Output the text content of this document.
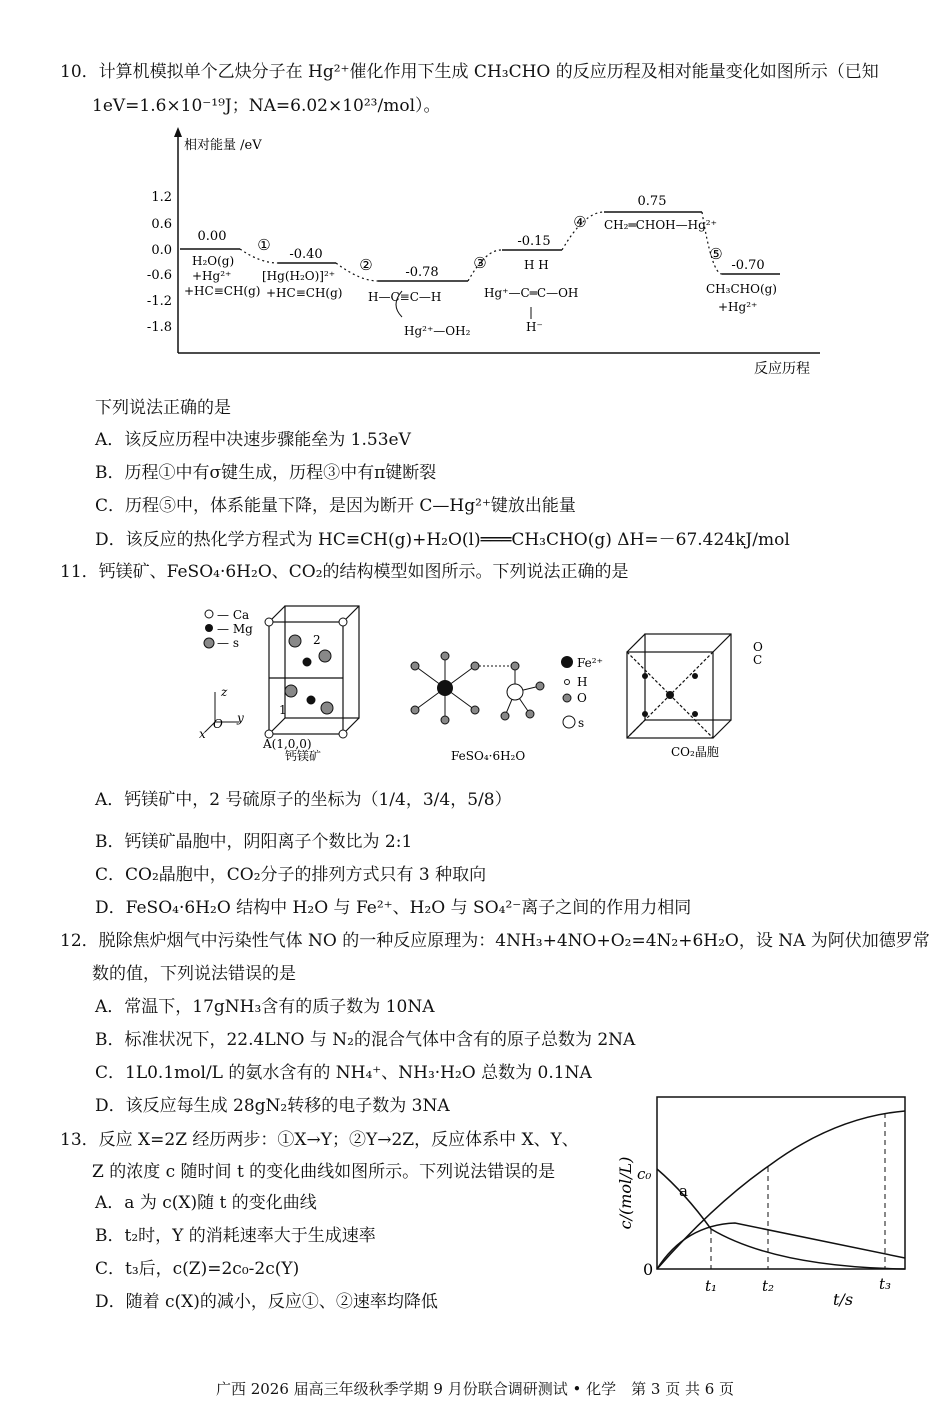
10．计算机模拟单个乙炔分子在 Hg²⁺催化作用下生成 CH₃CHO 的反应历程及相对能量变化如图所示（已知
1eV=1.6×10⁻¹⁹J；NA=6.02×10²³/mol）。
相对能量 /eV
反应历程
1.2
0.6
0.0
-0.6
-1.2
-1.8
0.00
-0.40
-0.78
-0.15
0.75
-0.70
①
②	③
④
⑤
H₂O(g)
+Hg²⁺
+HC≡CH(g)
[Hg(H₂O)]²⁺
+HC≡CH(g) H—C≡C—H
Hg²⁺—OH₂
H H
Hg⁺—C═C—OH
H⁻
CH₂═CHOH—Hg²⁺
CH₃CHO(g)
+Hg²⁺
下列说法正确的是
A．该反应历程中决速步骤能垒为 1.53eV
B．历程①中有σ键生成，历程③中有π键断裂
C．历程⑤中，体系能量下降，是因为断开 C—Hg²⁺键放出能量
D．该反应的热化学方程式为 HC≡CH(g)+H₂O(l)═══CH₃CHO(g) ΔH=－67.424kJ/mol
11．钙镁矿、FeSO₄·6H₂O、CO₂的结构模型如图所示。下列说法正确的是
— Ca
— Mg
— s
z
O y
x
1
2
A(1,0,0)
钙镁矿	FeSO₄·6H₂O
Fe²⁺
H
O
s
O
C
CO₂晶胞
A．钙镁矿中，2 号硫原子的坐标为（1/4，3/4，5/8）
B．钙镁矿晶胞中，阴阳离子个数比为 2:1
C．CO₂晶胞中，CO₂分子的排列方式只有 3 种取向
D．FeSO₄·6H₂O 结构中 H₂O 与 Fe²⁺、H₂O 与 SO₄²⁻离子之间的作用力相同
12．脱除焦炉烟气中污染性气体 NO 的一种反应原理为：4NH₃+4NO+O₂=4N₂+6H₂O，设 NA 为阿伏加德罗常
数的值，下列说法错误的是
A．常温下，17gNH₃含有的质子数为 10NA
B．标准状况下，22.4LNO 与 N₂的混合气体中含有的原子总数为 2NA
C．1L0.1mol/L 的氨水含有的 NH₄⁺、NH₃·H₂O 总数为 0.1NA
D．该反应每生成 28gN₂转移的电子数为 3NA
13．反应 X=2Z 经历两步：①X→Y；②Y→2Z，反应体系中 X、Y、
Z 的浓度 c 随时间 t 的变化曲线如图所示。下列说法错误的是
A．a 为 c(X)随 t 的变化曲线
B．t₂时，Y 的消耗速率大于生成速率
C．t₃后，c(Z)=2c₀-2c(Y)
D．随着 c(X)的减小，反应①、②速率均降低
c/(mol/L) c₀
0
a
t₁	t₂	t₃
t/s
广西 2026 届高三年级秋季学期 9 月份联合调研测试 • 化学　第 3 页 共 6 页
